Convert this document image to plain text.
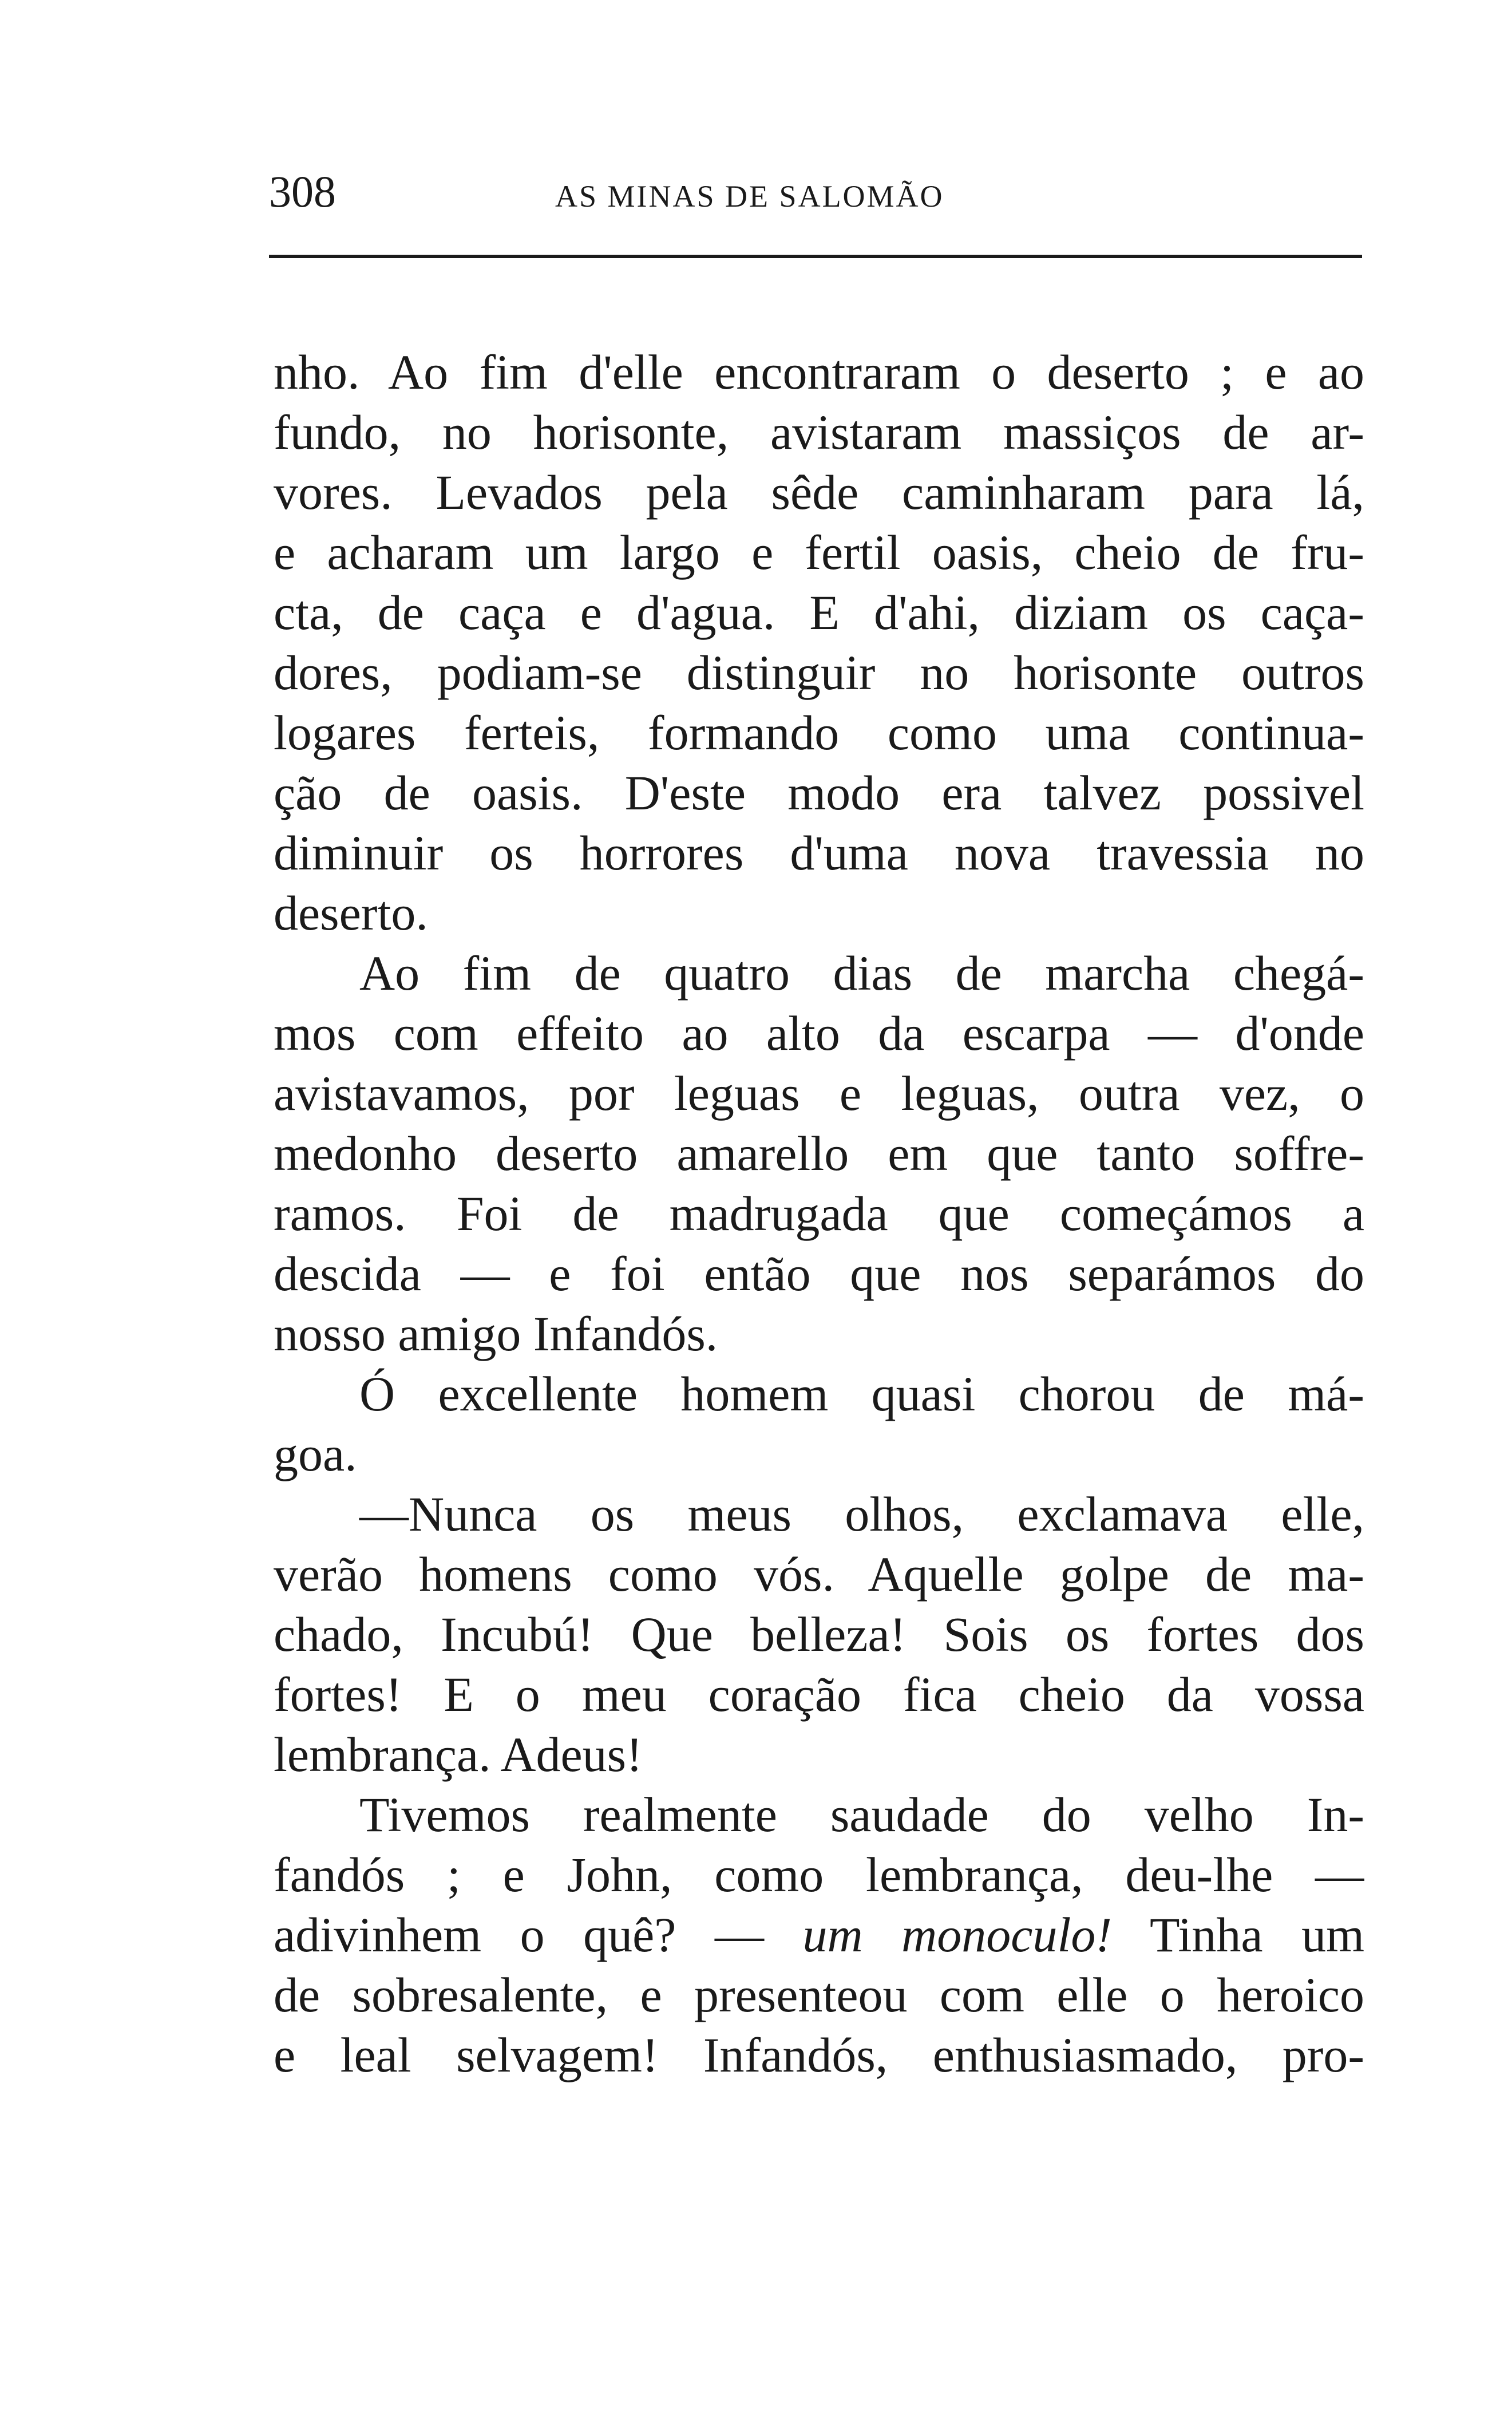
308	AS MINAS DE SALOMÃO
nho. Ao fim d'elle encontraram o deserto ; e ao
fundo, no horisonte, avistaram massiços de ar-
vores. Levados pela sêde caminharam para lá,
e acharam um largo e fertil oasis, cheio de fru-
cta, de caça e d'agua. E d'ahi, diziam os caça-
dores, podiam-se distinguir no horisonte outros
logares ferteis, formando como uma continua-
ção de oasis. D'este modo era talvez possivel
diminuir os horrores d'uma nova travessia no
deserto.
Ao fim de quatro dias de marcha chegá-
mos com effeito ao alto da escarpa — d'onde
avistavamos, por leguas e leguas, outra vez, o
medonho deserto amarello em que tanto soffre-
ramos. Foi de madrugada que começámos a
descida — e foi então que nos separámos do
nosso amigo Infandós.
Ó excellente homem quasi chorou de má-
goa.
—Nunca os meus olhos, exclamava elle,
verão homens como vós. Aquelle golpe de ma-
chado, Incubú! Que belleza! Sois os fortes dos
fortes! E o meu coração fica cheio da vossa
lembrança. Adeus!
Tivemos realmente saudade do velho In-
fandós ; e John, como lembrança, deu-lhe —
adivinhem o quê? — um monoculo! Tinha um
de sobresalente, e presenteou com elle o heroico
e leal selvagem! Infandós, enthusiasmado, pro-
